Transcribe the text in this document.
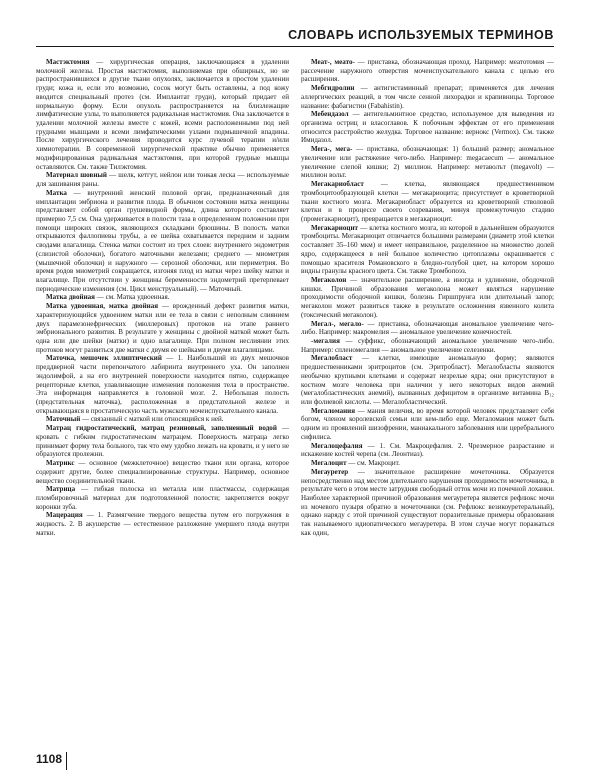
СЛОВАРЬ ИСПОЛЬЗУЕМЫХ ТЕРМИНОВ

Мастэктомия — хирургическая операция, заключающаяся в удалении молочной железы. Простая мастэктомия, выполняемая при обширных, но не распространившихся в другие ткани опухолях, заключается в простом удалении груди; кожа и, если это возможно, сосок могут быть оставлены, а под кожу вводится специальный протез (см. Имплантат груди), который придает ей нормальную форму. Если опухоль распространяется на близлежащие лимфатические узлы, то выполняется радикальная мастэктомия. Она заключается в удалении молочной железы вместе с кожей, всеми расположенными под ней грудными мышцами и всеми лимфатическими узлами подмышечной впадины. После хирургического лечения проводится курс лучевой терапии и/или химиотерапии. В современной хирургической практике обычно применяется модифицированная радикальная мастэктомия, при которой грудные мышцы оставляются. См. также Тилэктомия.

Материал шовный — шелк, кетгут, нейлон или тонкая леска — используемые для зашивания раны.

Матка — внутренний женский половой орган, предназначенный для имплантации эмбриона и развития плода. В обычном состоянии матка женщины представляет собой орган грушевидной формы, длина которого составляет примерно 7,5 см. Она удерживается в полости таза в определенном положении при помощи широких связок, являющихся складками брюшины. В полость матки открываются фаллопиевы трубы, а ее шейка охватывается передним и задним сводами влагалища. Стенка матки состоит из трех слоев: внутреннего эндометрия (слизистой оболочки), богатого маточными железами; среднего — миометрия (мышечной оболочки) и наружного — серозной оболочки, или периметрия. Во время родов миометрий сокращается, изгоняя плод из матки через шейку матки и влагалище. При отсутствии у женщины беременности эндометрий претерпевает периодические изменения (см. Цикл менструальный). — Маточный.

Матка двойная — см. Матка удвоенная.

Матка удвоенная, матка двойная — врожденный дефект развития матки, характеризующийся удвоением матки или ее тела в связи с неполным слиянием двух парамезонефрических (мюллеровых) протоков на этапе раннего эмбрионального развития. В результате у женщины с двойной маткой может быть одна или две шейки (матки) и одно влагалище. При полном неслиянии этих протоков могут развиться две матки с двумя ее шейками и двумя влагалищами.

Маточка, мешочек эллиптический — 1. Наибольший из двух мешочков преддверной части перепончатого лабиринта внутреннего уха. Он заполнен эндолимфой, а на его внутренней поверхности находится пятно, содержащее рецепторные клетки, улавливающие изменения положения тела в пространстве. Эта информация направляется в головной мозг. 2. Небольшая полость (предстательная маточка), расположенная в предстательной железе и открывающаяся в простатическую часть мужского мочеиспускательного канала.

Маточный — связанный с маткой или относящийся к ней.

Матрац гидростатический, матрац резиновый, заполненный водой — кровать с гибким гидростатическим матрацем. Поверхность матраца легко принимает форму тела больного, так что ему удобно лежать на кровати, и у него не образуются пролежни.

Матрикс — основное (межклеточное) вещество ткани или органа, которое содержит другие, более специализированные структуры. Например, основное вещество соединительной ткани.

Матрица — гибкая полоска из металла или пластмассы, содержащая пломбировочный материал для подготовленной полости; закрепляется вокруг коронки зуба.

Мацерация — 1. Размягчение твердого вещества путем его погружения в жидкость. 2. В акушерстве — естественное разложение умершего плода внутри матки.

Меат-, меато- — приставка, обозначающая проход. Например: меатотомия — рассечение наружного отверстия мочеиспускательного канала с целью его расширения.

Мебгидролин — антигистаминный препарат; применяется для лечения аллергических реакций, в том числе сенной лихорадки и крапивницы. Торговое название: фабагистин (Fabahistin).

Мебендазол — антигельминтное средство, используемое для выведения из организма остриц и власоглавов. К побочным эффектам от его применения относится расстройство желудка. Торговое название: вернокс (Vermox). См. также Имидазол.

Мега-, мега- — приставка, обозначающая: 1) больший размер; аномальное увеличение или растяжение чего-либо. Например: megacaecum — аномальное увеличение слепой кишки; 2) миллион. Например: метаволът (megavolt) — миллион вольт.

Мегакариобласт — клетка, являющаяся предшественником тромбоцитообразующей клетки — мегакариоцита; присутствует в кроветворной ткани костного мозга. Мегакариобласт образуется из кроветворной стволовой клетки и в процессе своего созревания, минуя промежуточную стадию (промегакариоцит), превращается в мегакариоцит.

Мегакариоцит — клетка костного мозга, из которой в дальнейшем образуются тромбоциты. Мегакариоцит отличается большими размерами (диаметр этой клетки составляет 35–160 мкм) и имеет неправильное, разделенное на множество долей ядро, содержащееся в ней большое количество цитоплазмы окрашивается с помощью красителя Романовского в бледно-голубой цвет, на котором хорошо видны гранулы красного цвета. См. также Тромбопоэз.

Мегаколон — значительное расширение, а иногда и удлинение, ободочной кишки. Причиной образования мегаколона может являться нарушение проходимости ободочной кишки, болезнь Гиршпрунга или длительный запор; мегаколон может развиться также в результате осложнения язвенного колита (токсический мегаколон).

Мегал-, мегало- — приставка, обозначающая аномальное увеличение чего-либо. Например: макромелия — аномальное увеличение конечностей.

-мегалия — суффикс, обозначающий аномальное увеличение чего-либо. Например: спленомегалия — аномальное увеличение селезенки.

Мегалобласт — клетки, имеющие аномальную форму; являются предшественниками эритроцитов (см. Эритробласт). Мегалобласты являются необычно крупными клетками и содержат незрелые ядра; они присутствуют в костном мозге человека при наличии у него некоторых видов анемий (мегалобластических анемий), вызванных дефицитом в организме витамина B₁₂ или фолиевой кислоты. — Мегалобластический.

Мегаломания — мания величия, во время которой человек представляет себя богом, членом королевской семьи или кем-либо еще. Мегаломания может быть одним из проявлений шизофрении, маниакального заболевания или церебрального сифилиса.

Мегалоцефалия — 1. См. Макроцефалия. 2. Чрезмерное разрастание и искажение костей черепа (см. Леонтиаз).

Мегалоцит — см. Макроцит.

Мегауретер — значительное расширение мочеточника. Образуется непосредственно над местом длительного нарушения проходимости мочеточника, в результате чего в этом месте затрудняя свободный отток мочи из почечной лоханки. Наиболее характерной причиной образования мегауретера является рефлюкс мочи из мочевого пузыря обратно в мочеточники (см. Рефлюкс везикоуретеральный), однако наряду с этой причиной существуют поразительные примеры образования так называемого идиопатического мегауретера. В этом случае могут поражаться как один,

1108
